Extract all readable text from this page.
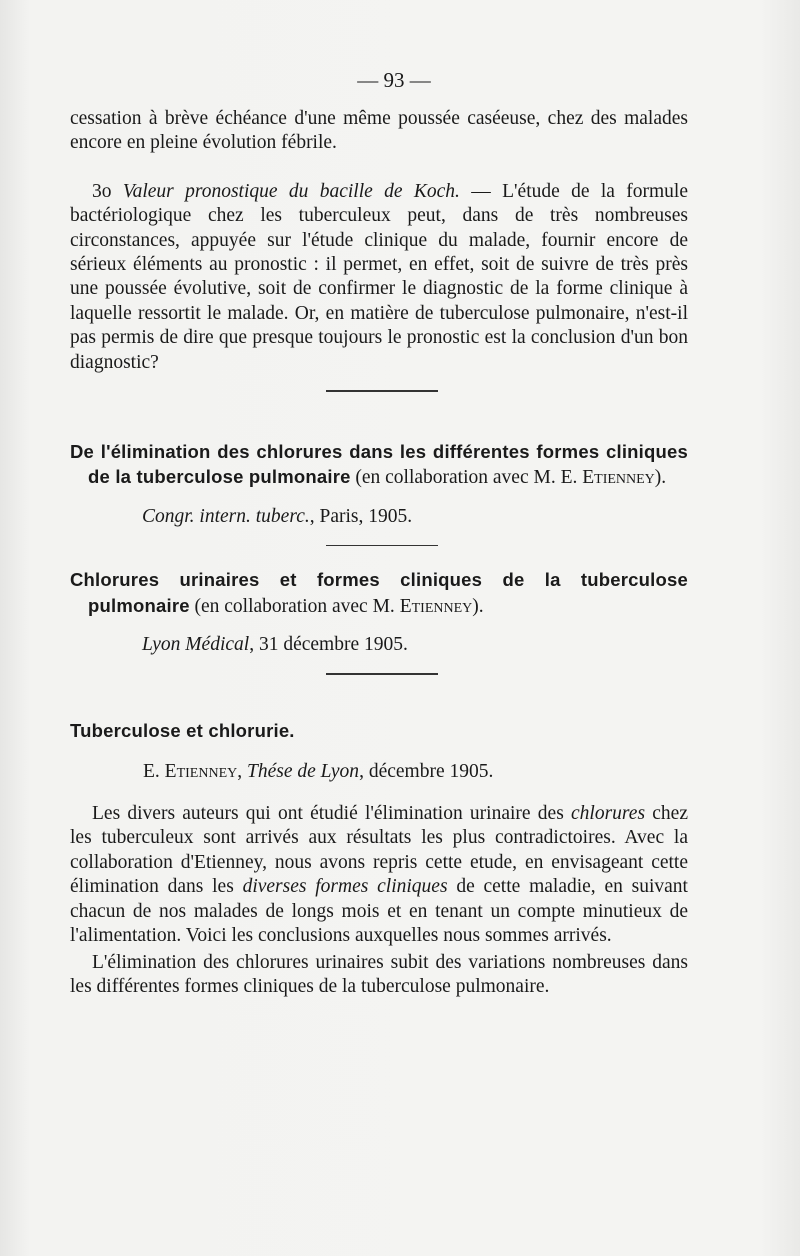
— 93 —

cessation à brève échéance d'une même poussée caséeuse, chez des malades encore en pleine évolution fébrile.

3o Valeur pronostique du bacille de Koch. — L'étude de la formule bactériologique chez les tuberculeux peut, dans de très nombreuses circonstances, appuyée sur l'étude clinique du malade, fournir encore de sérieux éléments au pronostic : il permet, en effet, soit de suivre de très près une poussée évolutive, soit de confirmer le diagnostic de la forme clinique à laquelle ressortit le malade. Or, en matière de tuberculose pulmonaire, n'est-il pas permis de dire que presque toujours le pronostic est la conclusion d'un bon diagnostic?

De l'élimination des chlorures dans les différentes formes cliniques de la tuberculose pulmonaire (en collaboration avec M. E. Etienney).

Congr. intern. tuberc., Paris, 1905.

Chlorures urinaires et formes cliniques de la tuberculose pulmonaire (en collaboration avec M. Etienney).

Lyon Médical, 31 décembre 1905.

Tuberculose et chlorurie.

E. Etienney, Thése de Lyon, décembre 1905.

Les divers auteurs qui ont étudié l'élimination urinaire des chlorures chez les tuberculeux sont arrivés aux résultats les plus contradictoires. Avec la collaboration d'Etienney, nous avons repris cette etude, en envisageant cette élimination dans les diverses formes cliniques de cette maladie, en suivant chacun de nos malades de longs mois et en tenant un compte minutieux de l'alimentation. Voici les conclusions auxquelles nous sommes arrivés.

L'élimination des chlorures urinaires subit des variations nombreuses dans les différentes formes cliniques de la tuberculose pulmonaire.
